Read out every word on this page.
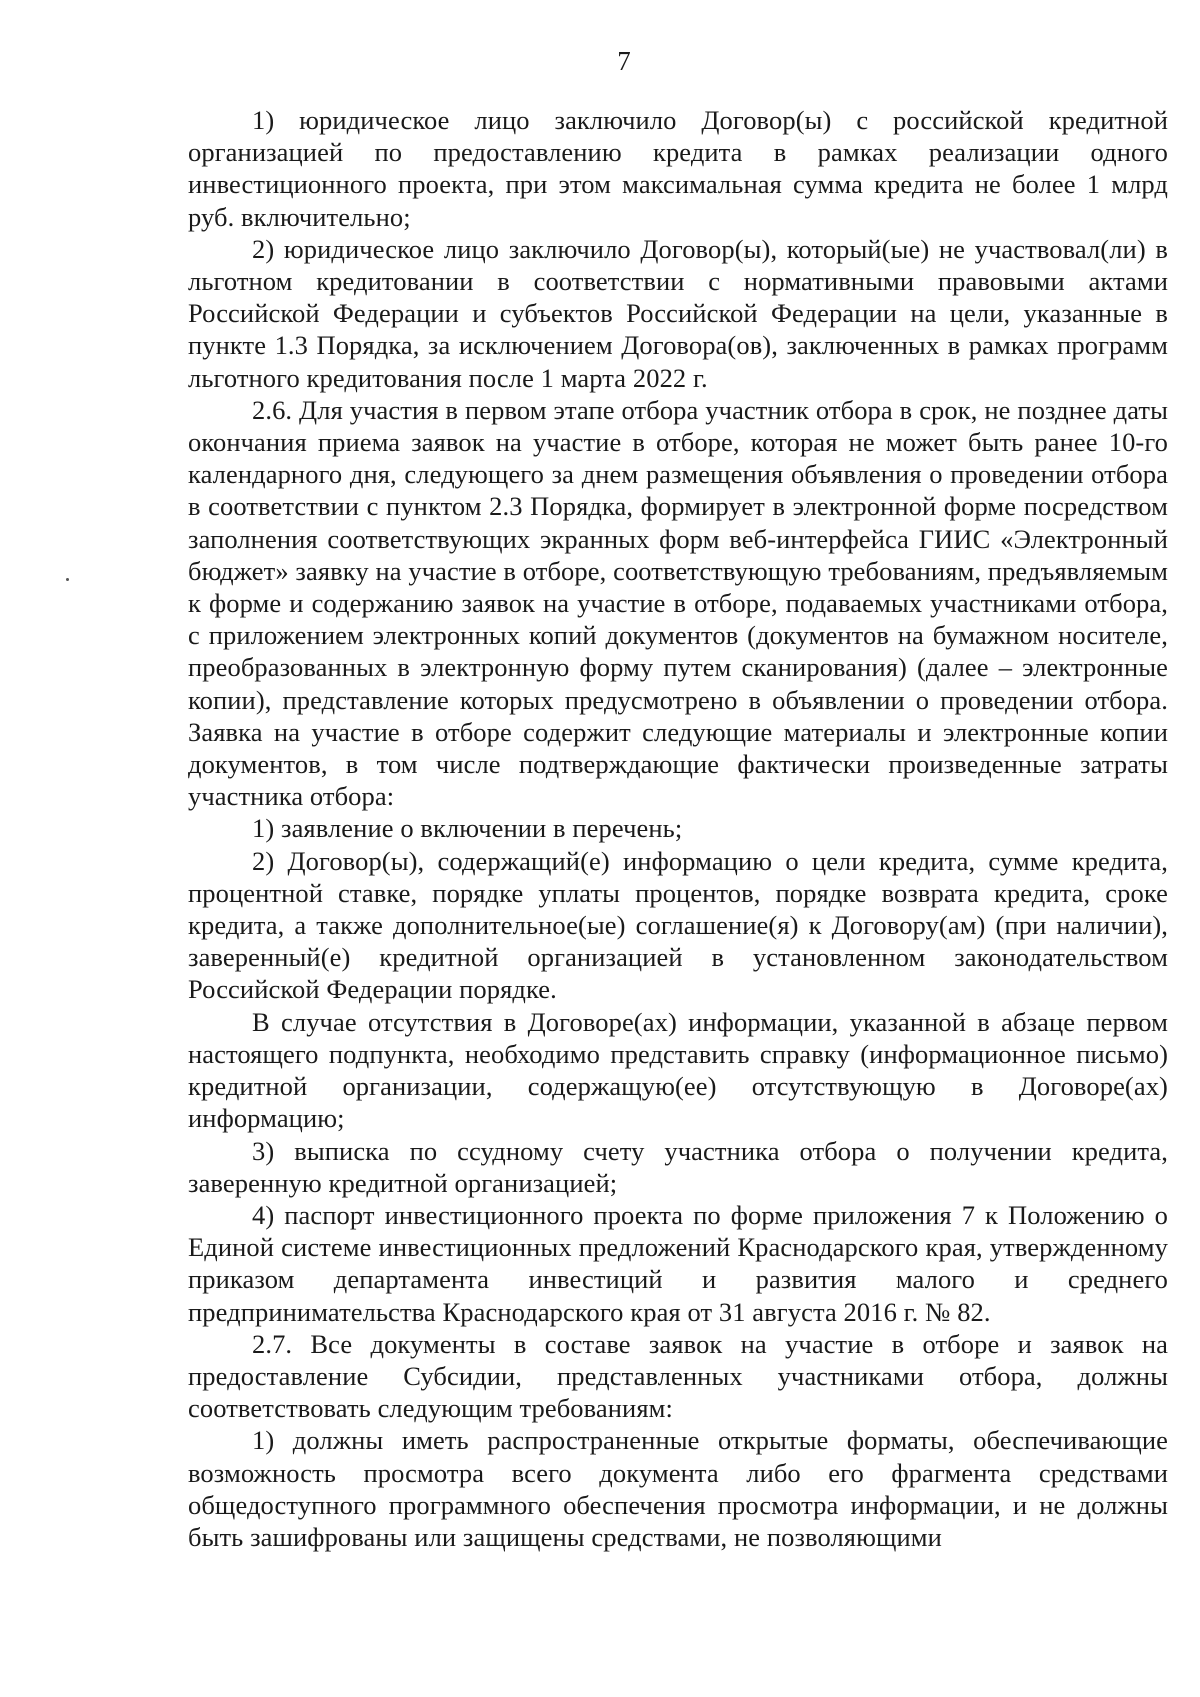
7

1) юридическое лицо заключило Договор(ы) с российской кредитной организацией по предоставлению кредита в рамках реализации одного инвестиционного проекта, при этом максимальная сумма кредита не более 1 млрд руб. включительно;

2) юридическое лицо заключило Договор(ы), который(ые) не участвовал(ли) в льготном кредитовании в соответствии с нормативными правовыми актами Российской Федерации и субъектов Российской Федерации на цели, указанные в пункте 1.3 Порядка, за исключением Договора(ов), заключенных в рамках программ льготного кредитования после 1 марта 2022 г.

2.6. Для участия в первом этапе отбора участник отбора в срок, не позднее даты окончания приема заявок на участие в отборе, которая не может быть ранее 10-го календарного дня, следующего за днем размещения объявления о проведении отбора в соответствии с пунктом 2.3 Порядка, формирует в электронной форме посредством заполнения соответствующих экранных форм веб-интерфейса ГИИС «Электронный бюджет» заявку на участие в отборе, соответствующую требованиям, предъявляемым к форме и содержанию заявок на участие в отборе, подаваемых участниками отбора, с приложением электронных копий документов (документов на бумажном носителе, преобразованных в электронную форму путем сканирования) (далее – электронные копии), представление которых предусмотрено в объявлении о проведении отбора. Заявка на участие в отборе содержит следующие материалы и электронные копии документов, в том числе подтверждающие фактически произведенные затраты участника отбора:

1) заявление о включении в перечень;

2) Договор(ы), содержащий(е) информацию о цели кредита, сумме кредита, процентной ставке, порядке уплаты процентов, порядке возврата кредита, сроке кредита, а также дополнительное(ые) соглашение(я) к Договору(ам) (при наличии), заверенный(е) кредитной организацией в установленном законодательством Российской Федерации порядке.

В случае отсутствия в Договоре(ах) информации, указанной в абзаце первом настоящего подпункта, необходимо представить справку (информационное письмо) кредитной организации, содержащую(ее) отсутствующую в Договоре(ах) информацию;

3) выписка по ссудному счету участника отбора о получении кредита, заверенную кредитной организацией;

4) паспорт инвестиционного проекта по форме приложения 7 к Положению о Единой системе инвестиционных предложений Краснодарского края, утвержденному приказом департамента инвестиций и развития малого и среднего предпринимательства Краснодарского края от 31 августа 2016 г. № 82.

2.7. Все документы в составе заявок на участие в отборе и заявок на предоставление Субсидии, представленных участниками отбора, должны соответствовать следующим требованиям:

1) должны иметь распространенные открытые форматы, обеспечивающие возможность просмотра всего документа либо его фрагмента средствами общедоступного программного обеспечения просмотра информации, и не должны быть зашифрованы или защищены средствами, не позволяющими
